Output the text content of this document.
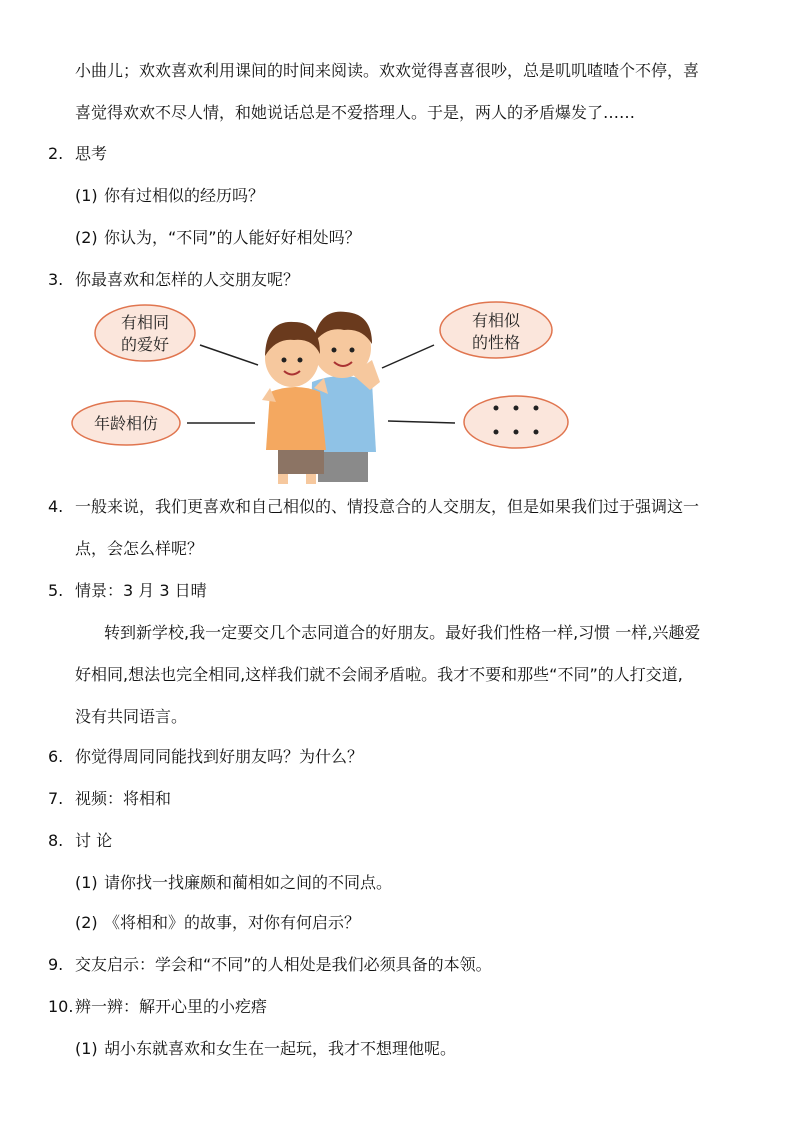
小曲儿；欢欢喜欢利用课间的时间来阅读。欢欢觉得喜喜很吵，总是叽叽喳喳个不停，喜
喜觉得欢欢不尽人情，和她说话总是不爱搭理人。于是，两人的矛盾爆发了……
2. 思考
(1) 你有过相似的经历吗？
(2) 你认为，“不同”的人能好好相处吗？
3. 你最喜欢和怎样的人交朋友呢？
有相同
的爱好
有相似
的性格
年龄相仿
4. 一般来说，我们更喜欢和自己相似的、情投意合的人交朋友，但是如果我们过于强调这一
点，会怎么样呢？
5. 情景：3 月 3 日晴
转到新学校,我一定要交几个志同道合的好朋友。最好我们性格一样,习惯 一样,兴趣爱
好相同,想法也完全相同,这样我们就不会闹矛盾啦。我才不要和那些“不同”的人打交道,
没有共同语言。
6. 你觉得周同同能找到好朋友吗？为什么？
7. 视频：将相和
8. 讨 论
(1) 请你找一找廉颇和蔺相如之间的不同点。
(2) 《将相和》的故事，对你有何启示？
9. 交友启示：学会和“不同”的人相处是我们必须具备的本领。
10. 辨一辨：解开心里的小疙瘩
(1) 胡小东就喜欢和女生在一起玩，我才不想理他呢。
